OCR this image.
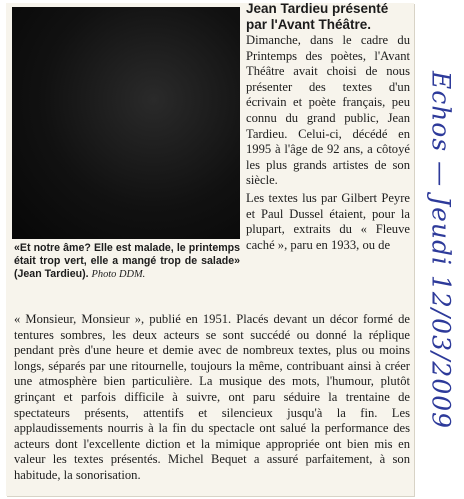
«Et notre âme? Elle est malade, le printemps était trop vert, elle a mangé trop de salade» (Jean Tardieu). Photo DDM.
Jean Tardieu présenté par l'Avant Théâtre.

Dimanche, dans le cadre du Printemps des poètes, l'Avant Théâtre avait choisi de nous présenter des textes d'un écrivain et poète français, peu connu du grand public, Jean Tardieu. Celui-ci, décédé en 1995 à l'âge de 92 ans, a côtoyé les plus grands artistes de son siècle.

Les textes lus par Gilbert Peyre et Paul Dussel étaient, pour la plupart, extraits du « Fleuve caché », paru en 1933, ou de

« Monsieur, Monsieur », publié en 1951. Placés devant un décor formé de tentures sombres, les deux acteurs se sont succédé ou donné la réplique pendant près d'une heure et demie avec de nombreux textes, plus ou moins longs, séparés par une ritournelle, toujours la même, contribuant ainsi à créer une atmosphère bien particulière. La musique des mots, l'humour, plutôt grinçant et parfois difficile à suivre, ont paru séduire la trentaine de spectateurs présents, attentifs et silencieux jusqu'à la fin. Les applaudissements nourris à la fin du spectacle ont salué la performance des acteurs dont l'excellente diction et la mimique appropriée ont bien mis en valeur les textes présentés. Michel Bequet a assuré parfaitement, à son habitude, la sonorisation.

Echos — Jeudi 12/03/2009
